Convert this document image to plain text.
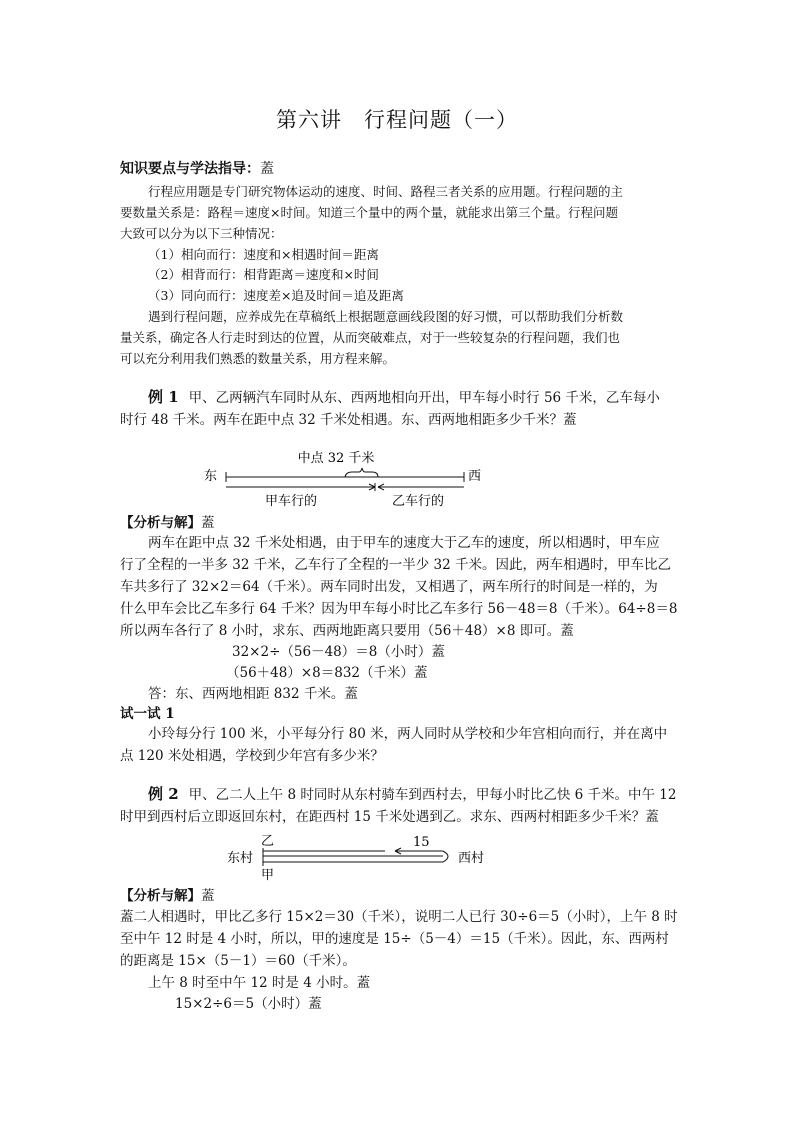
第六讲　行程问题（一）
知识要点与学法指导：蓋
行程应用题是专门研究物体运动的速度、时间、路程三者关系的应用题。行程问题的主
要数量关系是：路程＝速度×时间。知道三个量中的两个量，就能求出第三个量。行程问题
大致可以分为以下三种情况：
（1）相向而行：速度和×相遇时间＝距离
（2）相背而行：相背距离＝速度和×时间
（3）同向而行：速度差×追及时间＝追及距离
遇到行程问题，应养成先在草稿纸上根据题意画线段图的好习惯，可以帮助我们分析数
量关系，确定各人行走时到达的位置，从而突破难点，对于一些较复杂的行程问题，我们也
可以充分利用我们熟悉的数量关系，用方程来解。
例 1 甲、乙两辆汽车同时从东、西两地相向开出，甲车每小时行 56 千米，乙车每小
时行 48 千米。两车在距中点 32 千米处相遇。东、西两地相距多少千米？蓋
中点 32 千米
东	西
甲车行的	乙车行的
【分析与解】蓋
两车在距中点 32 千米处相遇，由于甲车的速度大于乙车的速度，所以相遇时，甲车应
行了全程的一半多 32 千米，乙车行了全程的一半少 32 千米。因此，两车相遇时，甲车比乙
车共多行了 32×2＝64（千米）。两车同时出发，又相遇了，两车所行的时间是一样的，为
什么甲车会比乙车多行 64 千米？因为甲车每小时比乙车多行 56－48＝8（千米）。64÷8＝8
所以两车各行了 8 小时，求东、西两地距离只要用（56＋48）×8 即可。蓋
32×2÷（56－48）＝8（小时）蓋
（56＋48）×8＝832（千米）蓋
答：东、西两地相距 832 千米。蓋
试一试 1
小玲每分行 100 米，小平每分行 80 米，两人同时从学校和少年宫相向而行，并在离中
点 120 米处相遇，学校到少年宫有多少米？
例 2 甲、乙二人上午 8 时同时从东村骑车到西村去，甲每小时比乙快 6 千米。中午 12
时甲到西村后立即返回东村，在距西村 15 千米处遇到乙。求东、西两村相距多少千米？蓋
乙	15
东村	西村
甲
【分析与解】蓋
蓋二人相遇时，甲比乙多行 15×2＝30（千米），说明二人已行 30÷6＝5（小时），上午 8 时
至中午 12 时是 4 小时，所以，甲的速度是 15÷（5－4）＝15（千米）。因此，东、西两村
的距离是 15×（5－1）＝60（千米）。
上午 8 时至中午 12 时是 4 小时。蓋
15×2÷6＝5（小时）蓋
